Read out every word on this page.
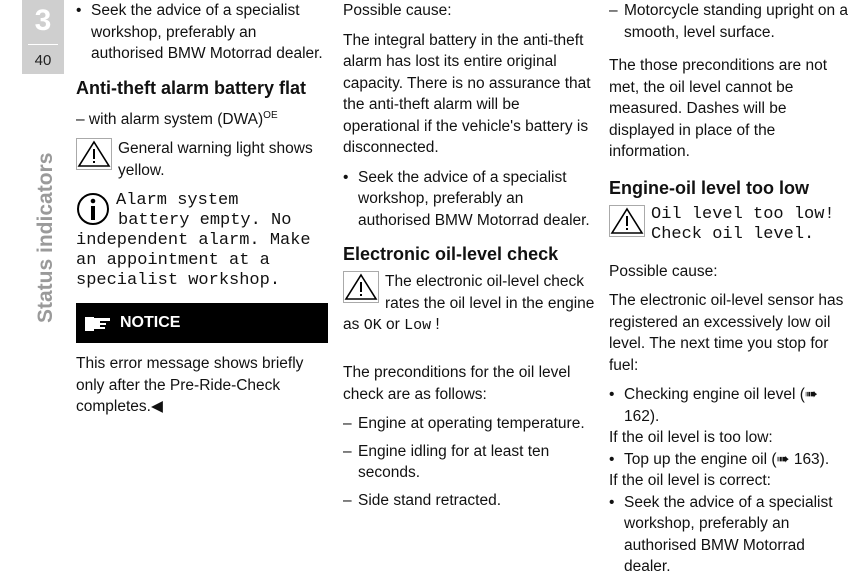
3
40
Status indicators
• Seek the advice of a specialist workshop, preferably an authorised BMW Motorrad dealer.
Anti-theft alarm battery flat
– with alarm system (DWA)$^{OE}$
General warning light shows yellow.
Alarm system
battery empty. No independent alarm. Make an appointment at a specialist workshop.
NOTICE
This error message shows briefly only after the Pre-Ride-Check completes.◀
Possible cause:
The integral battery in the anti-theft alarm has lost its entire original capacity. There is no assurance that the anti-theft alarm will be operational if the vehicle's battery is disconnected.
• Seek the advice of a specialist workshop, preferably an authorised BMW Motorrad dealer.
Electronic oil-level check
The electronic oil-level check rates the oil level in the engine as OK or Low !
The preconditions for the oil level check are as follows:
– Engine at operating temperature.
– Engine idling for at least ten seconds.
– Side stand retracted.
– Motorcycle standing upright on a smooth, level surface.
The those preconditions are not met, the oil level cannot be measured. Dashes will be displayed in place of the information.
Engine-oil level too low
Oil level too low! Check oil level.
Possible cause:
The electronic oil-level sensor has registered an excessively low oil level. The next time you stop for fuel:
• Checking engine oil level (➠ 162).
If the oil level is too low:
• Top up the engine oil (➠ 163).
If the oil level is correct:
• Seek the advice of a specialist workshop, preferably an authorised BMW Motorrad dealer.
